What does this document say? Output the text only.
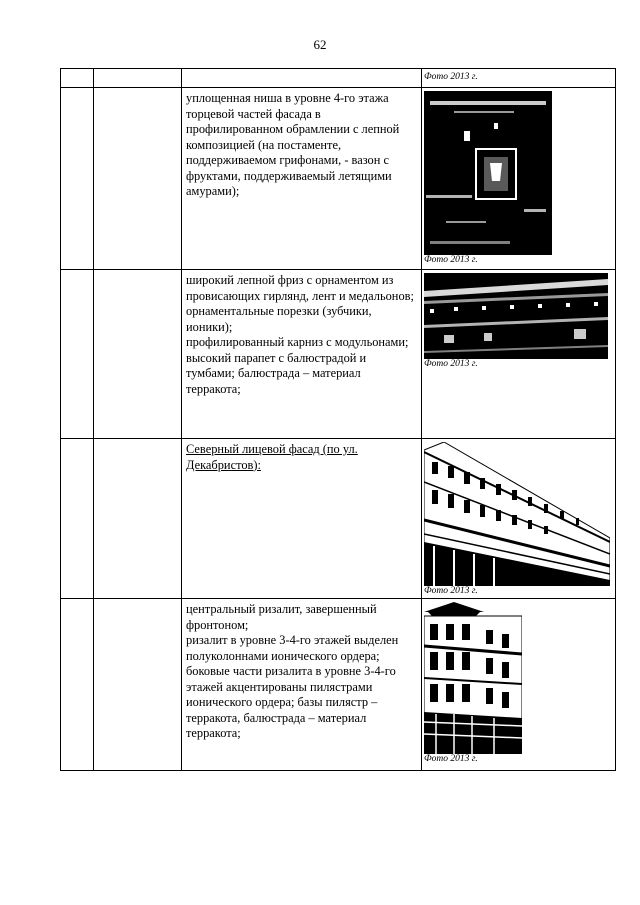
62

			Фото 2013 г.

		уплощенная ниша в уровне 4-го этажа торцевой частей фасада в профилированном обрамлении с лепной композицией (на постаменте, поддерживаемом грифонами, - вазон с фруктами, поддерживаемый летящими амурами);	Фото 2013 г.

		широкий лепной фриз с орнаментом из провисающих гирлянд, лент и медальонов;
орнаментальные порезки (зубчики, ионики);
профилированный карниз с модульонами;
высокий парапет с балюстрадой и тумбами; балюстрада – материал терракота;	Фото 2013 г.

		Северный лицевой фасад (по ул. Декабристов):	Фото 2013 г.

		центральный ризалит, завершенный фронтоном;
ризалит в уровне 3-4-го этажей выделен полуколоннами ионического ордера;
боковые части ризалита в уровне 3-4-го этажей акцентированы пилястрами ионического ордера; базы пилястр – терракота, балюстрада – материал терракота;	Фото 2013 г.
